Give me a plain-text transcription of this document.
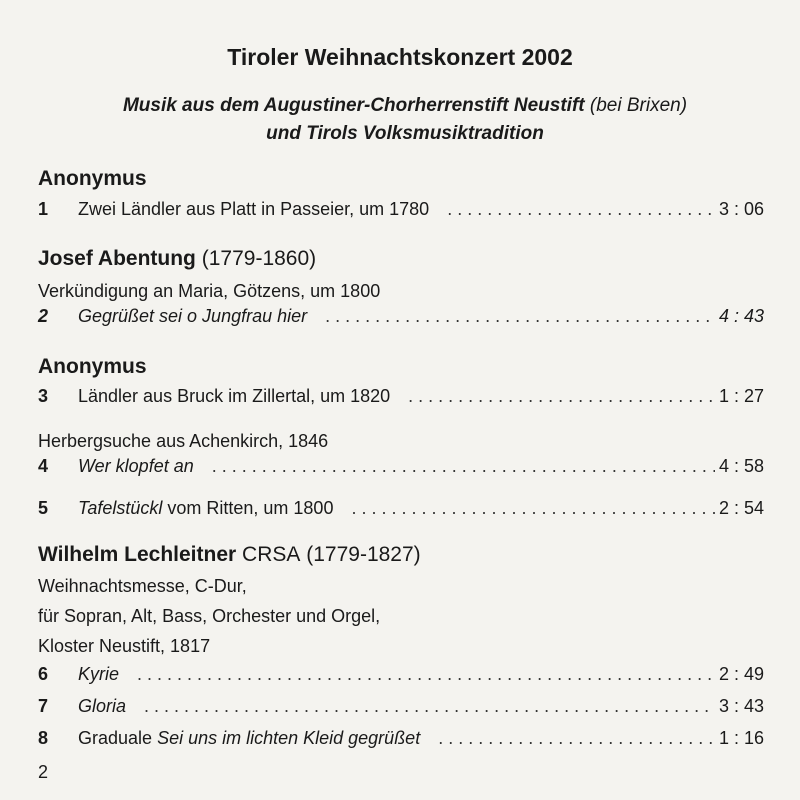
Tiroler Weihnachtskonzert 2002
Musik aus dem Augustiner-Chorherrenstift Neustift (bei Brixen)
und Tirols Volksmusiktradition
Anonymus
1	Zwei Ländler aus Platt in Passeier, um 1780 . . .	3 : 06
Josef Abentung (1779-1860)
Verkündigung an Maria, Götzens, um 1800
2	Gegrüßet sei o Jungfrau hier . . .	4 : 43
Anonymus
3	Ländler aus Bruck im Zillertal, um 1820 . . .	1 : 27
Herbergsuche aus Achenkirch, 1846
4	Wer klopfet an . . .	4 : 58
5	Tafelstückl vom Ritten, um 1800 . . .	2 : 54
Wilhelm Lechleitner CRSA (1779-1827)
Weihnachtsmesse, C-Dur,
für Sopran, Alt, Bass, Orchester und Orgel,
Kloster Neustift, 1817
6	Kyrie . . .	2 : 49
7	Gloria . . .	3 : 43
8	Graduale Sei uns im lichten Kleid gegrüßet . . .	1 : 16
2
